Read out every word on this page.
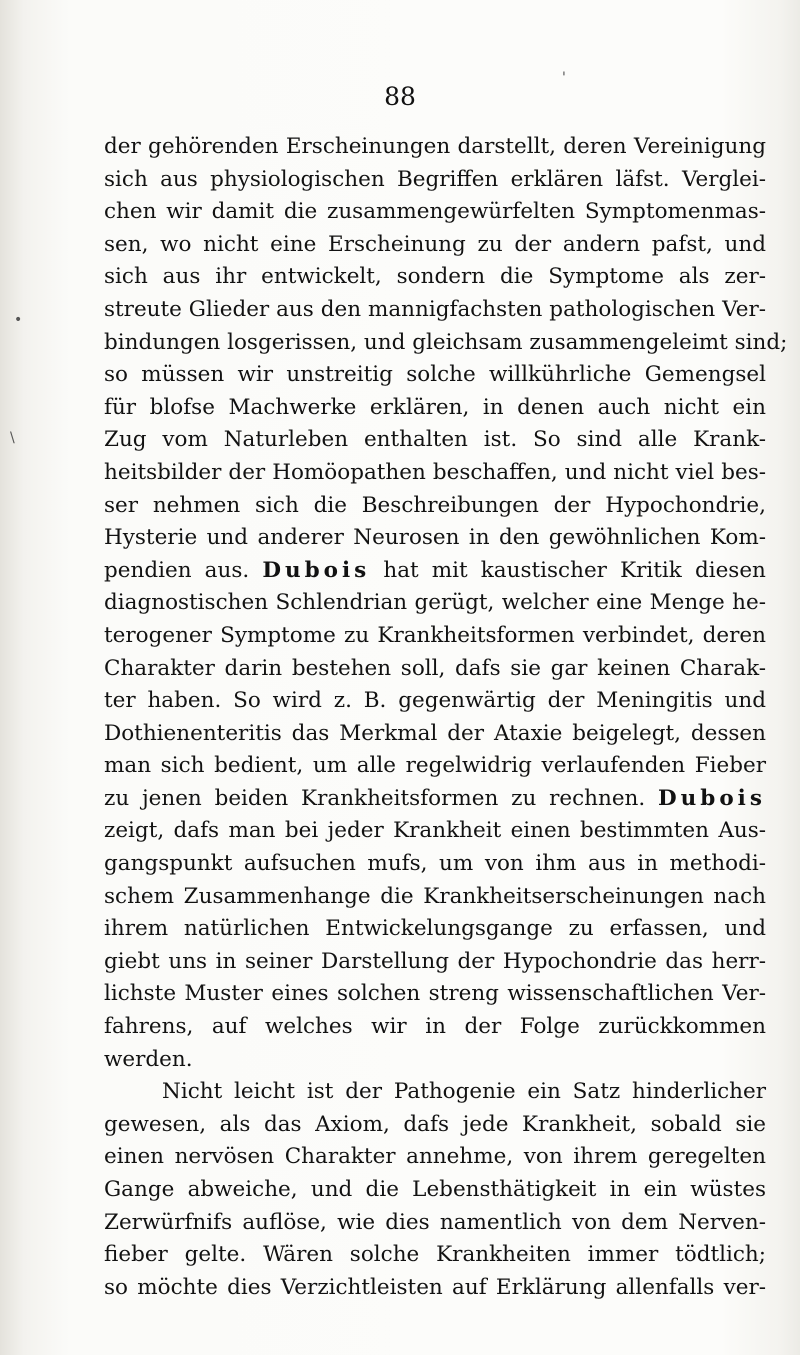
88
der gehörenden Erscheinungen darstellt, deren Vereinigung
sich aus physiologischen Begriffen erklären läfst. Verglei-
chen wir damit die zusammengewürfelten Symptomenmas-
sen, wo nicht eine Erscheinung zu der andern pafst, und
sich aus ihr entwickelt, sondern die Symptome als zer-
streute Glieder aus den mannigfachsten pathologischen Ver-
bindungen losgerissen, und gleichsam zusammengeleimt sind;
so müssen wir unstreitig solche willkührliche Gemengsel
für blofse Machwerke erklären, in denen auch nicht ein
Zug vom Naturleben enthalten ist. So sind alle Krank-
heitsbilder der Homöopathen beschaffen, und nicht viel bes-
ser nehmen sich die Beschreibungen der Hypochondrie,
Hysterie und anderer Neurosen in den gewöhnlichen Kom-
pendien aus. Dubois hat mit kaustischer Kritik diesen
diagnostischen Schlendrian gerügt, welcher eine Menge he-
terogener Symptome zu Krankheitsformen verbindet, deren
Charakter darin bestehen soll, dafs sie gar keinen Charak-
ter haben. So wird z. B. gegenwärtig der Meningitis und
Dothienenteritis das Merkmal der Ataxie beigelegt, dessen
man sich bedient, um alle regelwidrig verlaufenden Fieber
zu jenen beiden Krankheitsformen zu rechnen. Dubois
zeigt, dafs man bei jeder Krankheit einen bestimmten Aus-
gangspunkt aufsuchen mufs, um von ihm aus in methodi-
schem Zusammenhange die Krankheitserscheinungen nach
ihrem natürlichen Entwickelungsgange zu erfassen, und
giebt uns in seiner Darstellung der Hypochondrie das herr-
lichste Muster eines solchen streng wissenschaftlichen Ver-
fahrens, auf welches wir in der Folge zurückkommen
werden.
Nicht leicht ist der Pathogenie ein Satz hinderlicher
gewesen, als das Axiom, dafs jede Krankheit, sobald sie
einen nervösen Charakter annehme, von ihrem geregelten
Gange abweiche, und die Lebensthätigkeit in ein wüstes
Zerwürfnifs auflöse, wie dies namentlich von dem Nerven-
fieber gelte. Wären solche Krankheiten immer tödtlich;
so möchte dies Verzichtleisten auf Erklärung allenfalls ver-
•
\
'
